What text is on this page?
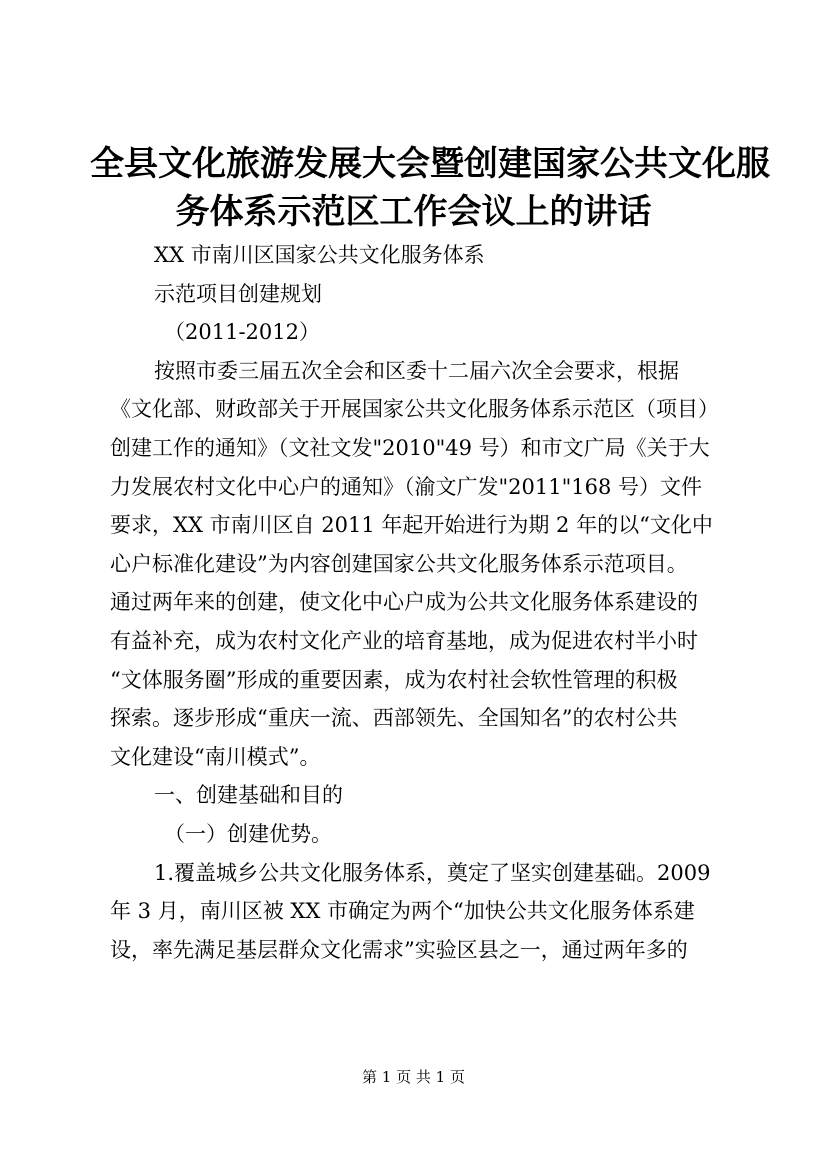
全县文化旅游发展大会暨创建国家公共文化服
务体系示范区工作会议上的讲话
XX 市南川区国家公共文化服务体系
示范项目创建规划
（2011-2012）
按照市委三届五次全会和区委十二届六次全会要求，根据
《文化部、财政部关于开展国家公共文化服务体系示范区（项目）
创建工作的通知》（文社文发"2010"49 号）和市文广局《关于大
力发展农村文化中心户的通知》（渝文广发"2011"168 号）文件
要求，XX 市南川区自 2011 年起开始进行为期 2 年的以“文化中
心户标准化建设”为内容创建国家公共文化服务体系示范项目。
通过两年来的创建，使文化中心户成为公共文化服务体系建设的
有益补充，成为农村文化产业的培育基地，成为促进农村半小时
“文体服务圈”形成的重要因素，成为农村社会软性管理的积极
探索。逐步形成“重庆一流、西部领先、全国知名”的农村公共
文化建设“南川模式”。
一、创建基础和目的
（一）创建优势。
1.覆盖城乡公共文化服务体系，奠定了坚实创建基础。2009
年 3 月，南川区被 XX 市确定为两个“加快公共文化服务体系建
设，率先满足基层群众文化需求”实验区县之一，通过两年多的
第 1 页 共 1 页
